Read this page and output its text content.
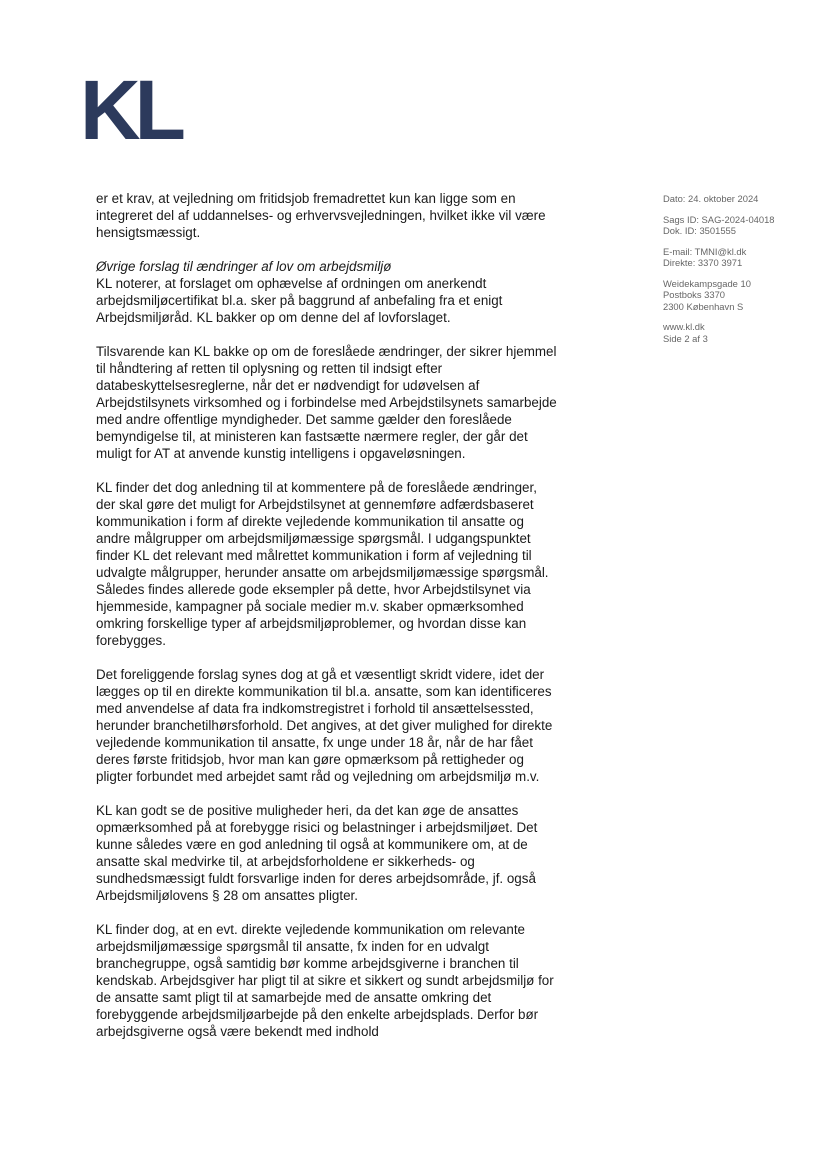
KL

er et krav, at vejledning om fritidsjob fremadrettet kun kan ligge som en integreret del af uddannelses- og erhvervsvejledningen, hvilket ikke vil være hensigtsmæssigt.

Øvrige forslag til ændringer af lov om arbejdsmiljø
KL noterer, at forslaget om ophævelse af ordningen om anerkendt arbejdsmiljøcertifikat bl.a. sker på baggrund af anbefaling fra et enigt Arbejdsmiljøråd. KL bakker op om denne del af lovforslaget.

Tilsvarende kan KL bakke op om de foreslåede ændringer, der sikrer hjemmel til håndtering af retten til oplysning og retten til indsigt efter databeskyttelsesreglerne, når det er nødvendigt for udøvelsen af Arbejdstilsynets virksomhed og i forbindelse med Arbejdstilsynets samarbejde med andre offentlige myndigheder. Det samme gælder den foreslåede bemyndigelse til, at ministeren kan fastsætte nærmere regler, der går det muligt for AT at anvende kunstig intelligens i opgaveløsningen.

KL finder det dog anledning til at kommentere på de foreslåede ændringer, der skal gøre det muligt for Arbejdstilsynet at gennemføre adfærdsbaseret kommunikation i form af direkte vejledende kommunikation til ansatte og andre målgrupper om arbejdsmiljømæssige spørgsmål. I udgangspunktet finder KL det relevant med målrettet kommunikation i form af vejledning til udvalgte målgrupper, herunder ansatte om arbejdsmiljømæssige spørgsmål. Således findes allerede gode eksempler på dette, hvor Arbejdstilsynet via hjemmeside, kampagner på sociale medier m.v. skaber opmærksomhed omkring forskellige typer af arbejdsmiljøproblemer, og hvordan disse kan forebygges.

Det foreliggende forslag synes dog at gå et væsentligt skridt videre, idet der lægges op til en direkte kommunikation til bl.a. ansatte, som kan identificeres med anvendelse af data fra indkomstregistret i forhold til ansættelsessted, herunder branchetilhørsforhold. Det angives, at det giver mulighed for direkte vejledende kommunikation til ansatte, fx unge under 18 år, når de har fået deres første fritidsjob, hvor man kan gøre opmærksom på rettigheder og pligter forbundet med arbejdet samt råd og vejledning om arbejdsmiljø m.v.

KL kan godt se de positive muligheder heri, da det kan øge de ansattes opmærksomhed på at forebygge risici og belastninger i arbejdsmiljøet. Det kunne således være en god anledning til også at kommunikere om, at de ansatte skal medvirke til, at arbejdsforholdene er sikkerheds- og sundhedsmæssigt fuldt forsvarlige inden for deres arbejdsområde, jf. også Arbejdsmiljølovens § 28 om ansattes pligter.

KL finder dog, at en evt. direkte vejledende kommunikation om relevante arbejdsmiljømæssige spørgsmål til ansatte, fx inden for en udvalgt branchegruppe, også samtidig bør komme arbejdsgiverne i branchen til kendskab. Arbejdsgiver har pligt til at sikre et sikkert og sundt arbejdsmiljø for de ansatte samt pligt til at samarbejde med de ansatte omkring det forebyggende arbejdsmiljøarbejde på den enkelte arbejdsplads. Derfor bør arbejdsgiverne også være bekendt med indhold

Dato: 24. oktober 2024
Sags ID: SAG-2024-04018
Dok. ID: 3501555
E-mail: TMNI@kl.dk
Direkte: 3370 3971
Weidekampsgade 10
Postboks 3370
2300 København S
www.kl.dk
Side 2 af 3
